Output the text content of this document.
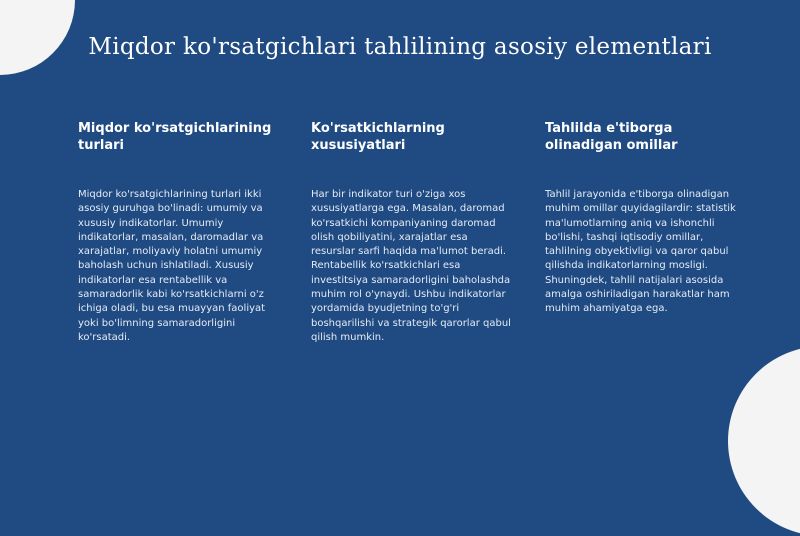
Miqdor ko'rsatgichlari tahlilining asosiy elementlari
Miqdor ko'rsatgichlarining turlari
Miqdor ko'rsatgichlarining turlari ikki asosiy guruhga bo'linadi: umumiy va xususiy indikatorlar. Umumiy indikatorlar, masalan, daromadlar va xarajatlar, moliyaviy holatni umumiy baholash uchun ishlatiladi. Xususiy indikatorlar esa rentabellik va samaradorlik kabi ko'rsatkichlarni o'z ichiga oladi, bu esa muayyan faoliyat yoki bo'limning samaradorligini ko'rsatadi.
Ko'rsatkichlarning xususiyatlari
Har bir indikator turi o'ziga xos xususiyatlarga ega. Masalan, daromad ko'rsatkichi kompaniyaning daromad olish qobiliyatini, xarajatlar esa resurslar sarfi haqida ma'lumot beradi. Rentabellik ko'rsatkichlari esa investitsiya samaradorligini baholashda muhim rol o'ynaydi. Ushbu indikatorlar yordamida byudjetning to'g'ri boshqarilishi va strategik qarorlar qabul qilish mumkin.
Tahlilda e'tiborga olinadigan omillar
Tahlil jarayonida e'tiborga olinadigan muhim omillar quyidagilardir: statistik ma'lumotlarning aniq va ishonchli bo'lishi, tashqi iqtisodiy omillar, tahlilning obyektivligi va qaror qabul qilishda indikatorlarning mosligi. Shuningdek, tahlil natijalari asosida amalga oshiriladigan harakatlar ham muhim ahamiyatga ega.
